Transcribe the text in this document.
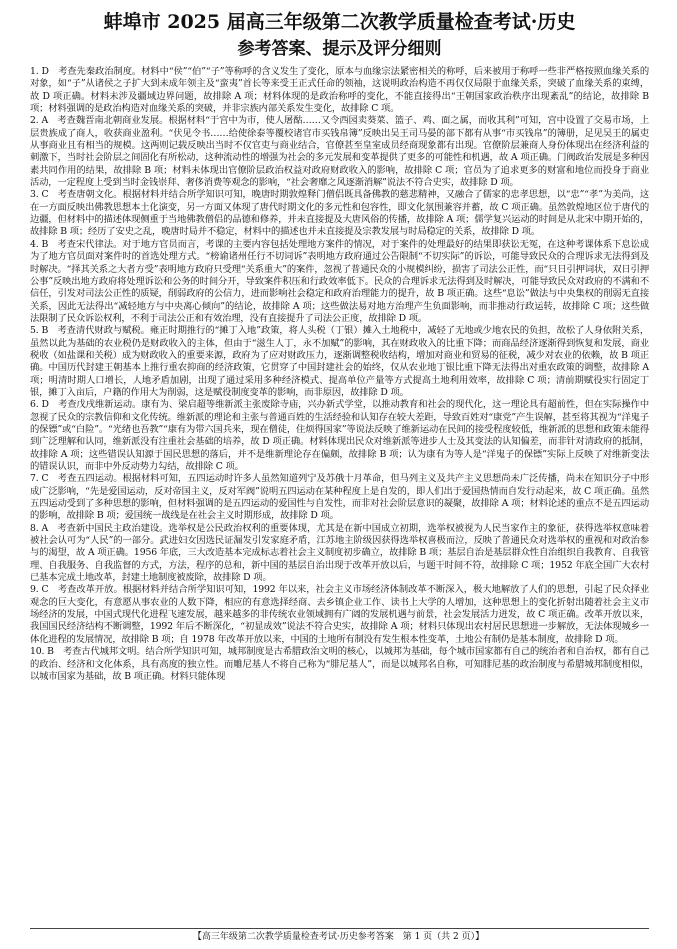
蚌埠市 2025 届高三年级第二次教学质量检查考试·历史
参考答案、提示及评分细则

1. D　考查先秦政治制度。材料中“侯”“伯”“子”等称呼的含义发生了变化，原本与血缘宗法紧密相关的称呼，后来被用于称呼一些非严格按照血缘关系的对象，如“子”从诸侯之子扩大到未成年领主及“蛮夷”首长等来受王正式任命的领袖，这说明政治构造不再仅仅局限于血缘关系，突破了血缘关系的束缚，故 D 项正确。材料未涉及疆域边界问题，故排除 A 项；材料体现的是政治称呼的变化，不能直接得出“王朝国家政治秩序出现紊乱”的结论，故排除 B 项；材料强调的是政治构造对血缘关系的突破，并非宗族内部关系发生变化，故排除 C 项。

2. A　考查魏晋南北朝商业发展。根据材料“于宫中为市，使人屠酤……又令西园卖葵菜、篮子、鸡、面之属，而收其利”可知，宫中设置了交易市场，上层贵族成了商人，收获商业盈利。“伏见令书……给使徐泰等覆校诸官市买钱帛簿”反映出吴王司马晏的部下都有从事“市买钱帛”的簿册，足见吴王的属吏从事商业且有相当的规模。这两则记载反映出当时不仅官吏与商业结合，官僚甚至皇室成员经商现象都有出现。官僚阶层兼商人身份体现出在经济利益的刺激下，当时社会阶层之间固化有所松动，这种流动性的增强为社会的多元发展和变革提供了更多的可能性和机遇，故 A 项正确。门阀政治发展是多种因素共同作用的结果，故排除 B 项；材料未体现出官僚阶层政治权益对政府财政收入的影响，故排除 C 项；官员为了追求更多的财富和地位而投身于商业活动，一定程度上受到当时金钱崇拜、奢侈消费等观念的影响，“社会奢靡之风逐渐消解”说法不符合史实，故排除 D 项。

3. C　考查唐朝文化。根据材料并结合所学知识可知，晚唐时期敦煌释门僧侣既具备佛教的慈悲精神，又融合了儒家的忠孝思想，以“忠”“孝”为美尚，这在一方面反映出佛教思想本土化演变，另一方面又体现了唐代时期文化的多元性和包容性，即文化氛围兼容并蓄，故 C 项正确。虽然敦煌地区位于唐代的边疆，但材料中的描述体现侧重于当地佛教僧侣的品德和修养，并未直接提及大唐风俗的传播，故排除 A 项；儒学复兴运动的时间是从北宋中期开始的，故排除 B 项；经历了安史之乱，晚唐时局并不稳定，材料中的描述也并未直接提及宗教发展与时局稳定的关系，故排除 D 项。

4. B　考查宋代律法。对于地方官员而言，考课的主要内容包括处理地方案件的情况，对于案件的处理最好的结果即获讼无冤，在这种考课体系下息讼成为了地方官员面对案件时的首选处理方式。“榜谕诸州任行不切词诉”表明地方政府通过公告限制“不切实际”的诉讼，可能导致民众的合理诉求无法得到及时解决。“择其关系之大者方受”表明地方政府只受理“关系重大”的案件，忽视了普通民众的小规模纠纷，损害了司法公正性，而“只日引押词状，双日引押公事”反映出地方政府将处理诉讼和公务的时间分开，导致案件积压和行政效率低下。民众的合理诉求无法得到及时解决，可能导致民众对政府的不满和不信任，引发对司法公正性的质疑，削弱政府的公信力，进而影响社会稳定和政府治理能力的提升，故 B 项正确。这些“息讼”做法与中央集权的削弱无直接关系，因此无法得出“减轻地方与中央离心倾向”的结论，故排除 A 项；这些做法易对地方治理产生负面影响，而非推动行政运转，故排除 C 项；这些做法限制了民众诉讼权利，不利于司法公正和有效治理，没有直接提升了司法公正度，故排除 D 项。

5. B　考查清代财政与赋税。雍正时期推行的“摊丁入地”政策，将人头税（丁银）摊入土地税中，减轻了无地或少地农民的负担，故松了人身依附关系，虽然以此为基础的农业税仍是财政收入的主体，但由于“滋生人丁，永不加赋”的影响，其在财政收入的比重下降；而商品经济逐渐得到恢复和发展，商业税收（如盐课和关税）成为财政收入的重要来源，政府为了应对财政压力，逐渐调整税收结构，增加对商业和贸易的征税，减少对农业的依赖，故 B 项正确。中国历代封建王朝基本上推行重农抑商的经济政策，它贯穿了中国封建社会的始终，仅从农业地丁银比重下降无法得出对重农政策的调整，故排除 A 项；明清时期人口增长，人地矛盾加剧，出现了通过采用多种经济模式、提高单位产量等方式提高土地利用效率，故排除 C 项；清前期赋役实行固定丁银，摊丁入亩后，户籍的作用大为削弱，这是赋役制度变革的影响，而非原因，故排除 D 项。

6. D　考查戊戌维新运动。康有为、梁启超等维新派主张废除寺庙，兴办新式学堂，以推动教育和社会的现代化，这一理论具有超前性，但在实际操作中忽视了民众的宗教信仰和文化传统。维新派的理论和主张与普通百姓的生活经验和认知存在较大差距，导致百姓对“康党”产生误解，甚至将其视为“洋鬼子的保镖”或“白险”。“光绪也吾教”“康有为带六国兵来，现在僧徒，住烦得国家”等说法反映了维新运动在民间的接受程度较低，维新派的思想和政策未能得到广泛理解和认同，维新派没有注重社会基础的培养，故 D 项正确。材料体现出民众对维新派等进步人士及其变法的认知偏差，而非针对清政府的抵制，故排除 A 项；这些错误认知源于国民思想的落后，并不是维新理论存在偏颇，故排除 B 项；认为康有为等人是“洋鬼子的保镖”实际上反映了对维新变法的错误认识，而非中外反动势力勾结，故排除 C 项。

7. C　考查五四运动。根据材料可知，五四运动时许多人虽然知道列宁及苏俄十月革命，但马列主义及共产主义思想尚未广泛传播，尚未在知识分子中形成广泛影响，“先是爱国运动，反对帝国主义，反对军阀”说明五四运动在某种程度上是自发的，即人们出于爱国热情而自发行动起来，故 C 项正确。虽然五四运动受到了多种思想的影响，但材料强调的是五四运动的爱国性与自发性，而非对社会阶层意识的凝聚，故排除 A 项；材料论述的重点不是五四运动的影响，故排除 B 项；爱国统一战线是在社会主义时期形成，故排除 D 项。

8. A　考查新中国民主政治建设。选举权是公民政治权利的重要体现，尤其是在新中国成立初期，选举权被视为人民当家作主的象征，获得选举权意味着被社会认可为“人民”的一部分。武进妇女因选民证漏发引发家庭矛盾，江苏地主阶级因获得选举权喜极而泣，反映了普通民众对选举权的重视和对政治参与的渴望，故 A 项正确。1956 年底，三大改造基本完成标志着社会主义制度初步确立，故排除 B 项；基层自治是基层群众性自治组织自我教育、自我管理、自我服务、自我监督的方式，方法，程序的总和，新中国的基层自治出现于改革开放以后，与题干时间不符，故排除 C 项；1952 年底全国广大农村已基本完成土地改革，封建土地制度被废除，故排除 D 项。

9. C　考查改革开放。根据材料并结合所学知识可知，1992 年以来，社会主义市场经济体制改革不断深入，极大地解放了人们的思想，引起了民众择业观念的巨大变化，有意愿从事农业的人数下降，相应的有意选择经商、去乡镇企业工作、读书上大学的人增加，这种思想上的变化折射出随着社会主义市场经济的发展，中国式现代化进程飞速发展，越来越多的非传统农业领域拥有广阔的发展机遇与前景，社会发展活力迸发，故 C 项正确。改革开放以来，我国国民经济结构不断调整，1992 年后不断深化，“初显成效”说法不符合史实，故排除 A 项；材料只体现出农村居民思想进一步解放，无法体现城乡一体化进程的发展情况，故排除 B 项；自 1978 年改革开放以来，中国的土地所有制没有发生根本性变革，土地公有制仍是基本制度，故排除 D 项。

10. B　考查古代城邦文明。结合所学知识可知，城邦制度是古希腊政治文明的核心，以城邦为基础，每个城市国家都有自己的统治者和自治权，都有自己的政治、经济和文化体系，具有高度的独立性。而雕尼基人不将自己称为“腓尼基人”，而是以城邦名自称，可知腓尼基的政治制度与希腊城邦制度相似，以城市国家为基础，故 B 项正确。材料只能体现

【高三年级第二次教学质量检查考试·历史参考答案　第 1 页（共 2 页）】
